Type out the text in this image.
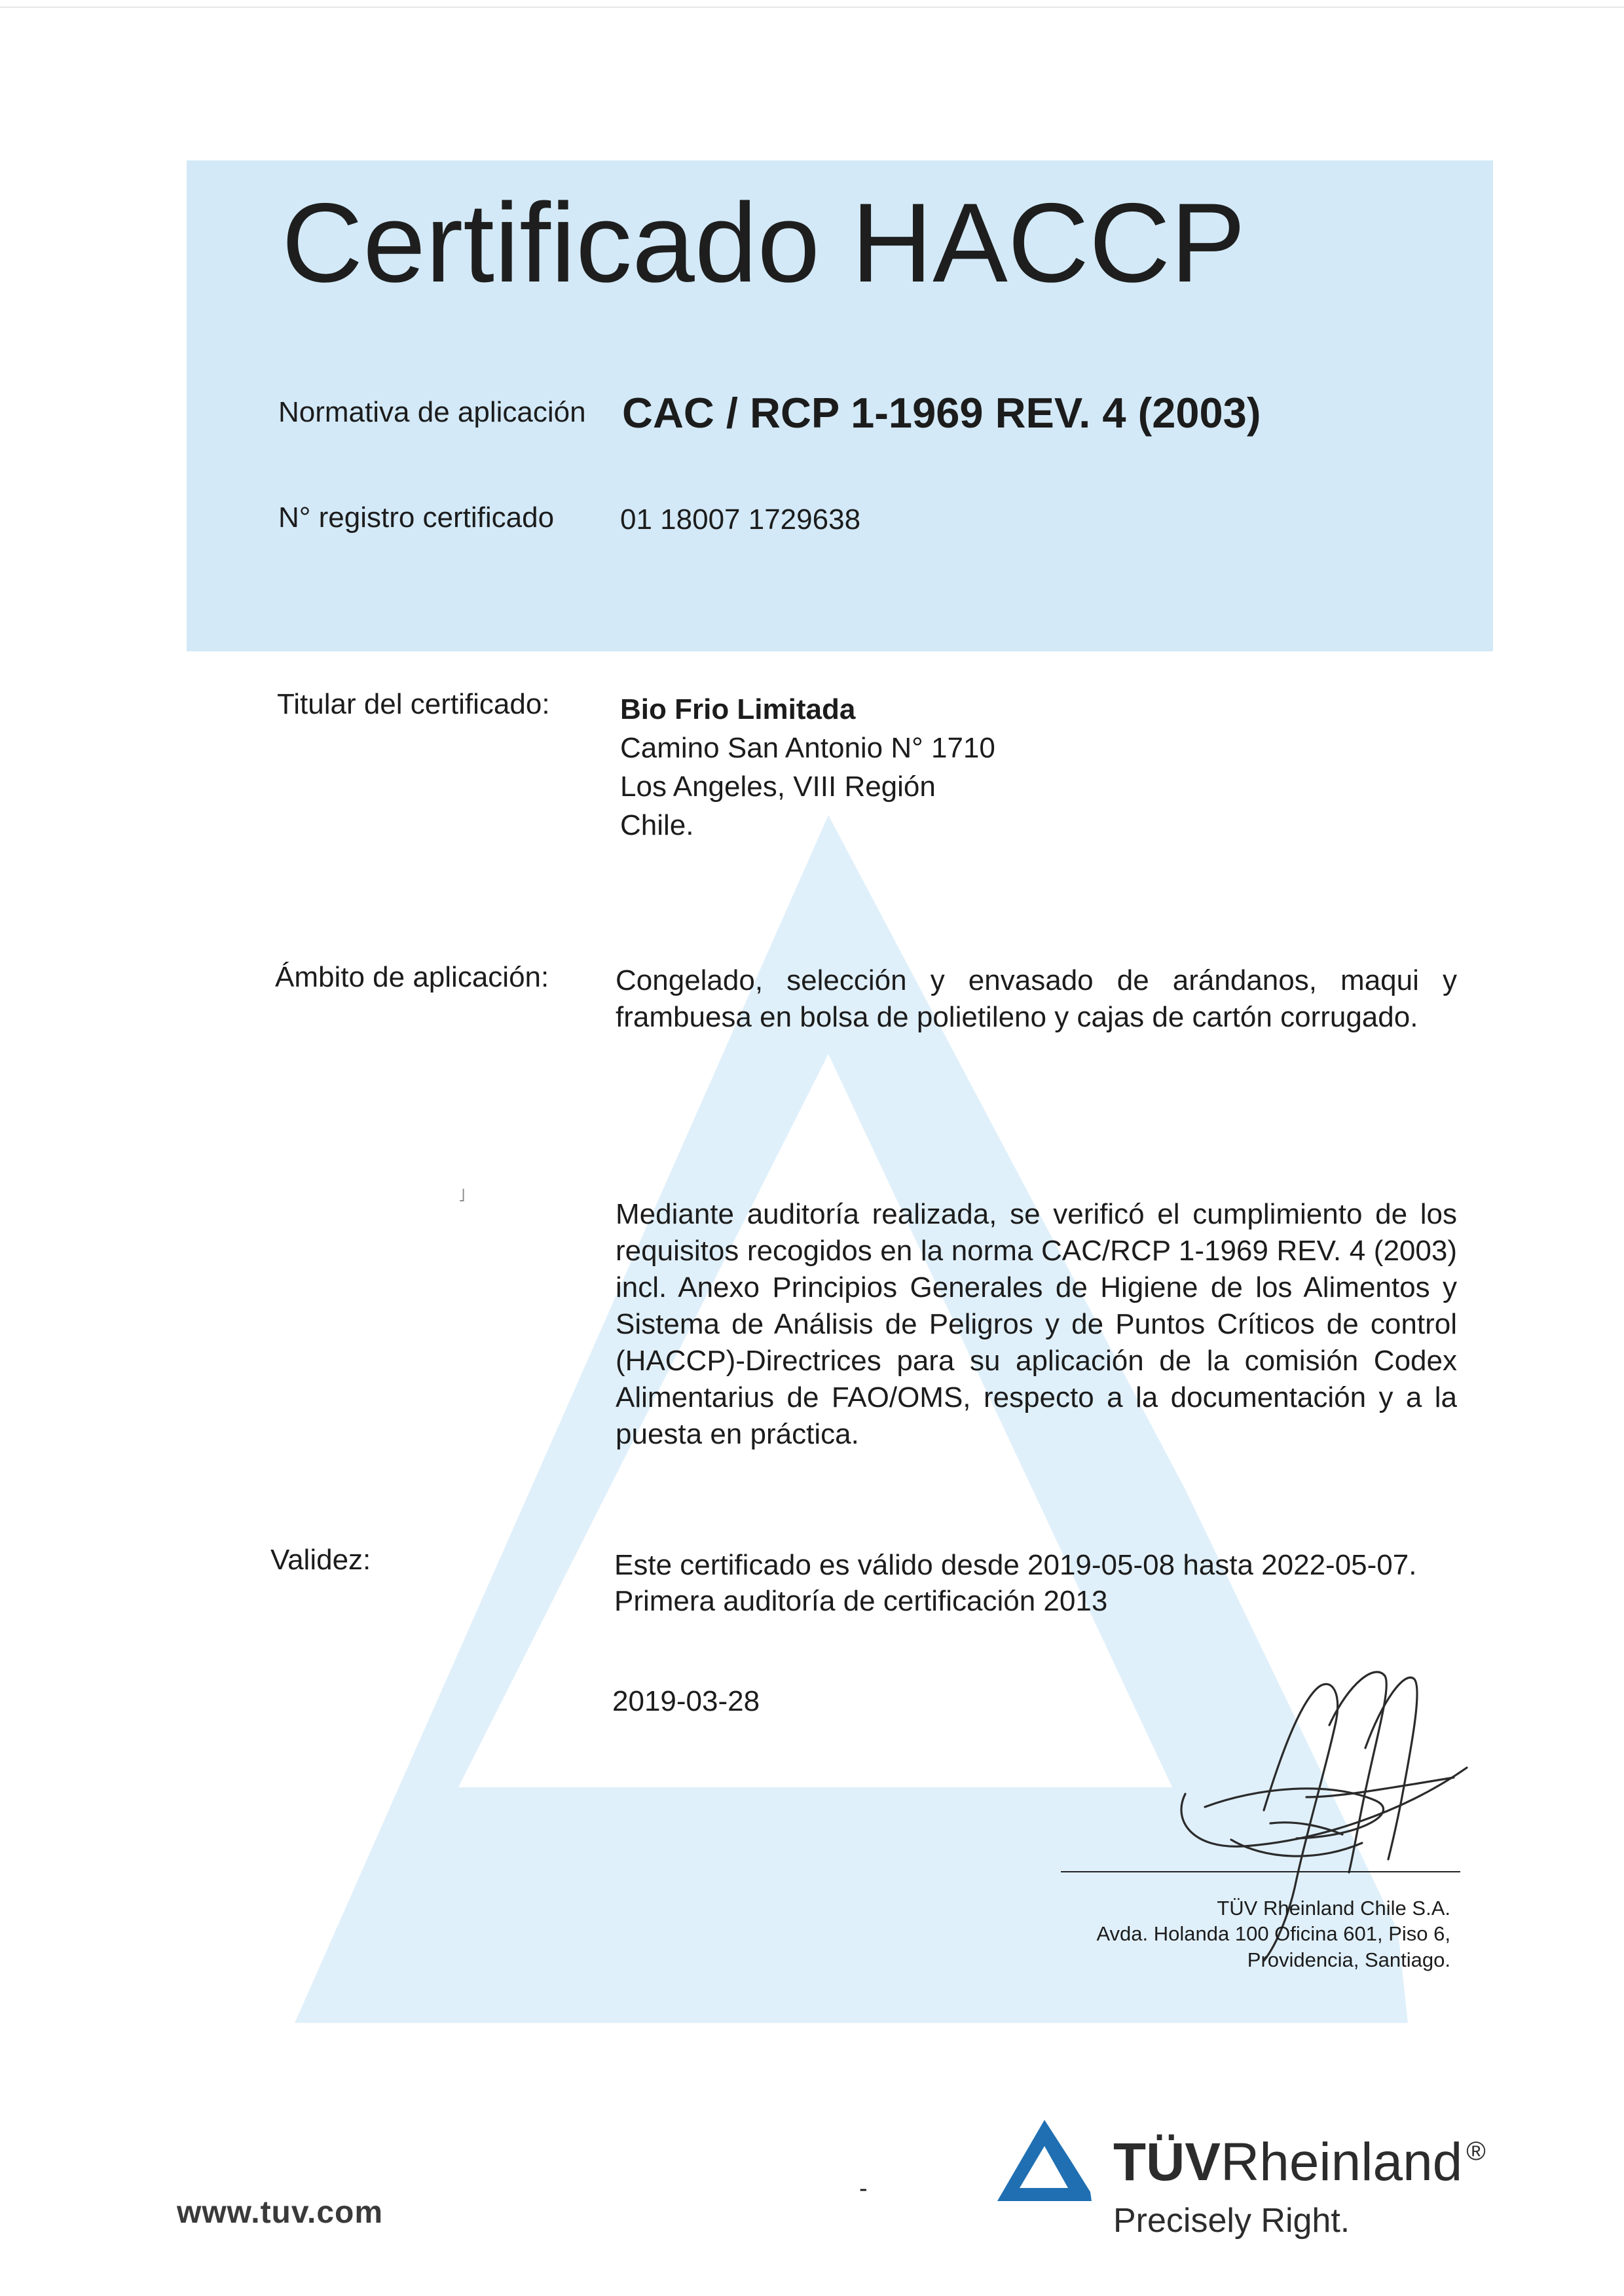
Certificado HACCP
Normativa de aplicación CAC / RCP 1-1969 REV. 4 (2003)
N° registro certificado 01 18007 1729638
Titular del certificado: Bio Frio Limitada
Camino San Antonio N° 1710
Los Angeles, VIII Región
Chile.
Ámbito de aplicación: Congelado, selección y envasado de arándanos, maqui y frambuesa en bolsa de polietileno y cajas de cartón corrugado.
˩
Mediante auditoría realizada, se verificó el cumplimiento de los requisitos recogidos en la norma CAC/RCP 1-1969 REV. 4 (2003) incl. Anexo Principios Generales de Higiene de los Alimentos y Sistema de Análisis de Peligros y de Puntos Críticos de control (HACCP)-Directrices para su aplicación de la comisión Codex Alimentarius de FAO/OMS, respecto a la documentación y a la puesta en práctica.
Validez:	Este certificado es válido desde 2019-05-08 hasta 2022-05-07.
Primera auditoría de certificación 2013
2019-03-28
TÜV Rheinland Chile S.A.
Avda. Holanda 100 Oficina 601, Piso 6,
Providencia, Santiago.
www.tuv.com
-	TÜVRheinland ®
Precisely Right.
